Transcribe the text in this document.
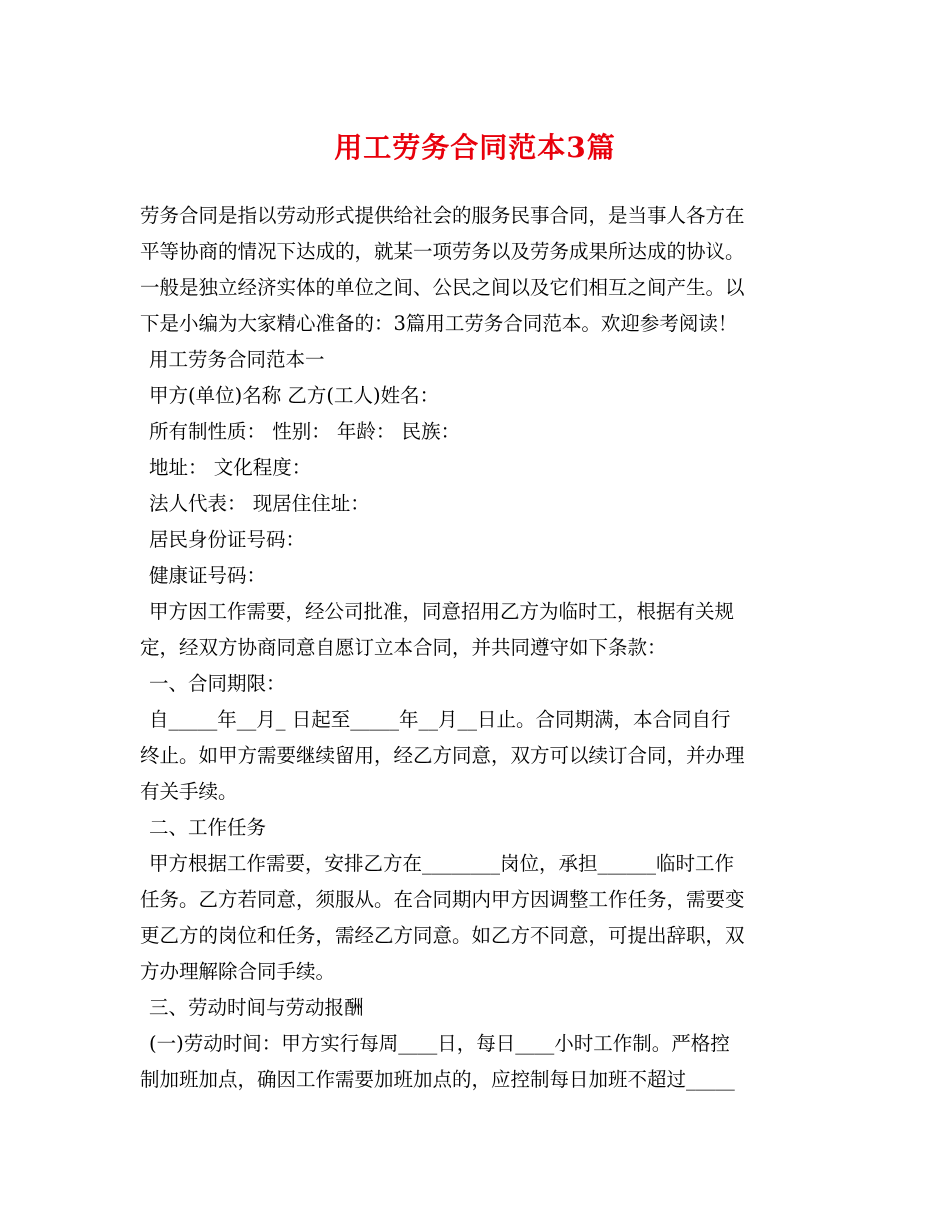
用工劳务合同范本3篇
劳务合同是指以劳动形式提供给社会的服务民事合同，是当事人各方在
平等协商的情况下达成的，就某一项劳务以及劳务成果所达成的协议。
一般是独立经济实体的单位之间、公民之间以及它们相互之间产生。以
下是小编为大家精心准备的：3篇用工劳务合同范本。欢迎参考阅读！
用工劳务合同范本一
甲方(单位)名称 乙方(工人)姓名：
所有制性质： 性别： 年龄： 民族：
地址： 文化程度：
法人代表： 现居住住址：
居民身份证号码：
健康证号码：
甲方因工作需要，经公司批准，同意招用乙方为临时工，根据有关规
定，经双方协商同意自愿订立本合同，并共同遵守如下条款：
一、合同期限：
自_____年__月_ 日起至_____年__月__日止。合同期满，本合同自行
终止。如甲方需要继续留用，经乙方同意，双方可以续订合同，并办理
有关手续。
二、工作任务
甲方根据工作需要，安排乙方在________岗位，承担______临时工作
任务。乙方若同意，须服从。在合同期内甲方因调整工作任务，需要变
更乙方的岗位和任务，需经乙方同意。如乙方不同意，可提出辞职，双
方办理解除合同手续。
三、劳动时间与劳动报酬
(一)劳动时间：甲方实行每周____日，每日____小时工作制。严格控
制加班加点，确因工作需要加班加点的，应控制每日加班不超过_____
